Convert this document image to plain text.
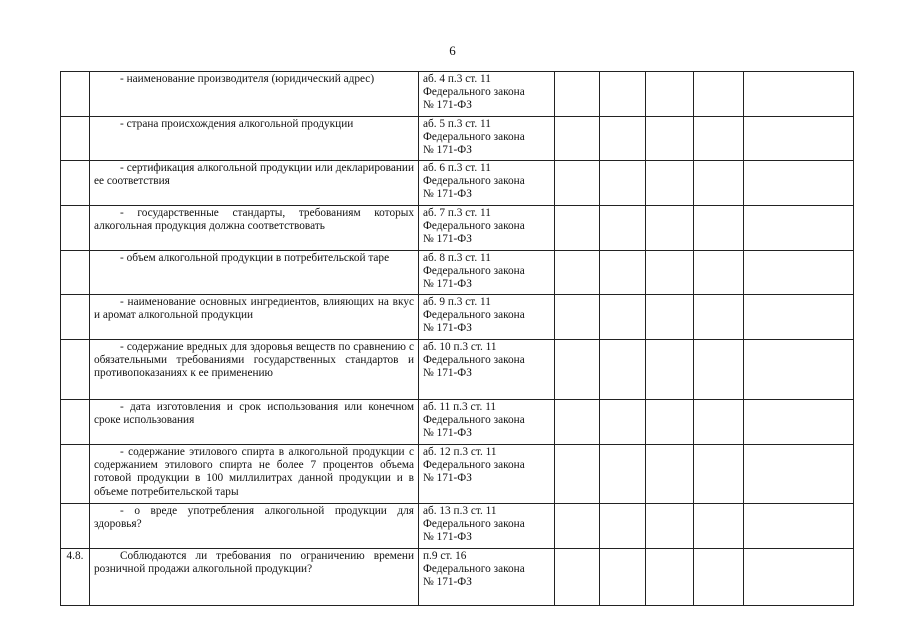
6
	- наименование производителя (юридический адрес)	аб. 4 п.3 ст. 11
Федерального закона
№ 171-ФЗ					

	- страна происхождения алкогольной продукции	аб. 5 п.3 ст. 11
Федерального закона
№ 171-ФЗ					

	- сертификация алкогольной продукции или декларировании ее соответствия	аб. 6 п.3 ст. 11
Федерального закона
№ 171-ФЗ					

	- государственные стандарты, требованиям которых алкогольная продукция должна соответствовать	аб. 7 п.3 ст. 11
Федерального закона
№ 171-ФЗ					

	- объем алкогольной продукции в потребительской таре	аб. 8 п.3 ст. 11
Федерального закона
№ 171-ФЗ					

	- наименование основных ингредиентов, влияющих на вкус и аромат алкогольной продукции	аб. 9 п.3 ст. 11
Федерального закона
№ 171-ФЗ					

	- содержание вредных для здоровья веществ по сравнению с обязательными требованиями государственных стандартов и противопоказаниях к ее применению	аб. 10 п.3 ст. 11
Федерального закона
№ 171-ФЗ					

	- дата изготовления и срок использования или конечном сроке использования	аб. 11 п.3 ст. 11
Федерального закона
№ 171-ФЗ					

	- содержание этилового спирта в алкогольной продукции с содержанием этилового спирта не более 7 процентов объема готовой продукции в 100 миллилитрах данной продукции и в объеме потребительской тары	аб. 12 п.3 ст. 11
Федерального закона
№ 171-ФЗ					

	- о вреде употребления алкогольной продукции для здоровья?	аб. 13 п.3 ст. 11
Федерального закона
№ 171-ФЗ					

4.8.	Соблюдаются ли требования по ограничению времени розничной продажи алкогольной продукции?	п.9 ст. 16
Федерального закона
№ 171-ФЗ					
